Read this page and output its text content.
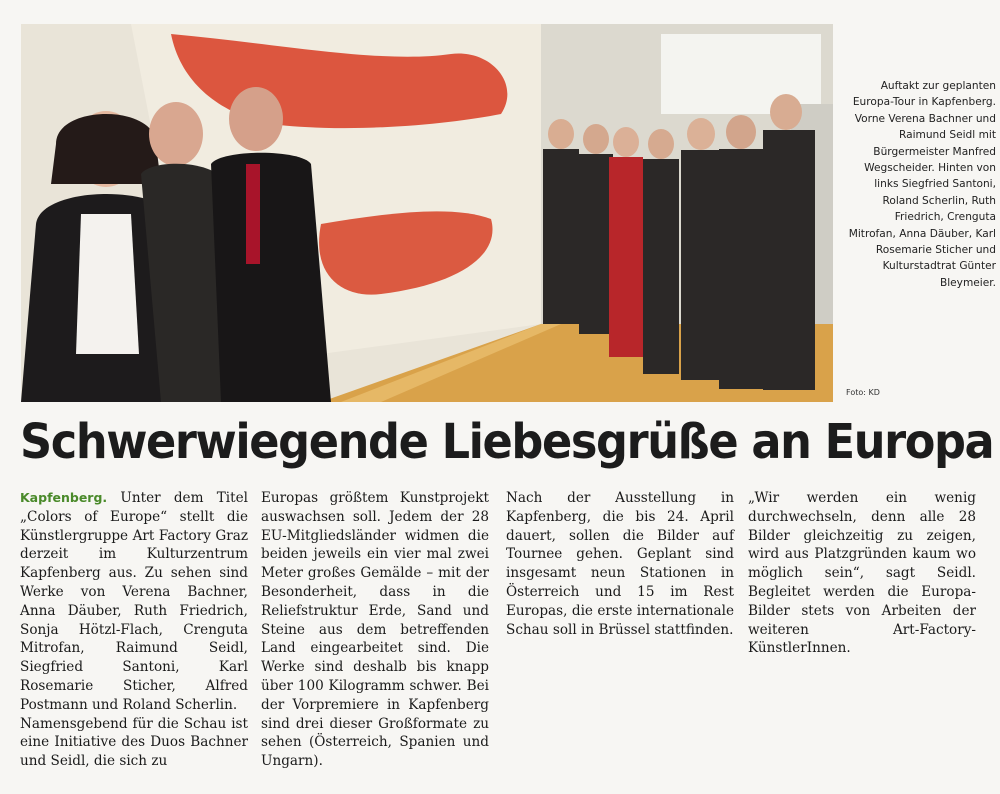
Auftakt zur geplanten Europa-Tour in Kapfenberg. Vorne Verena Bachner und Raimund Seidl mit Bürgermeister Manfred Wegscheider. Hinten von links Siegfried Santoni, Roland Scherlin, Ruth Friedrich, Crenguta Mitrofan, Anna Däuber, Karl Rosemarie Sticher und Kulturstadtrat Günter Bleymeier.
Foto: KD
Schwerwiegende Liebesgrüße an Europa

Kapfenberg. Unter dem Titel „Colors of Europe“ stellt die Künstlergruppe Art Factory Graz derzeit im Kulturzentrum Kapfenberg aus. Zu sehen sind Werke von Verena Bachner, Anna Däuber, Ruth Friedrich, Sonja Hötzl-Flach, Crenguta Mitrofan, Raimund Seidl, Siegfried Santoni, Karl Rosemarie Sticher, Alfred Postmann und Roland Scherlin.

Namensgebend für die Schau ist eine Initiative des Duos Bachner und Seidl, die sich zu

Europas größtem Kunstprojekt auswachsen soll. Jedem der 28 EU-Mitgliedsländer widmen die beiden jeweils ein vier mal zwei Meter großes Gemälde – mit der Besonderheit, dass in die Reliefstruktur Erde, Sand und Steine aus dem betreffenden Land eingearbeitet sind. Die Werke sind deshalb bis knapp über 100 Kilogramm schwer. Bei der Vorpremiere in Kapfenberg sind drei dieser Großformate zu sehen (Österreich, Spanien und Ungarn).

Nach der Ausstellung in Kapfenberg, die bis 24. April dauert, sollen die Bilder auf Tournee gehen. Geplant sind insgesamt neun Stationen in Österreich und 15 im Rest Europas, die erste internationale Schau soll in Brüssel stattfinden.

„Wir werden ein wenig durchwechseln, denn alle 28 Bilder gleichzeitig zu zeigen, wird aus Platzgründen kaum wo möglich sein“, sagt Seidl. Begleitet werden die Europa-Bilder stets von Arbeiten der weiteren Art-Factory-KünstlerInnen.
